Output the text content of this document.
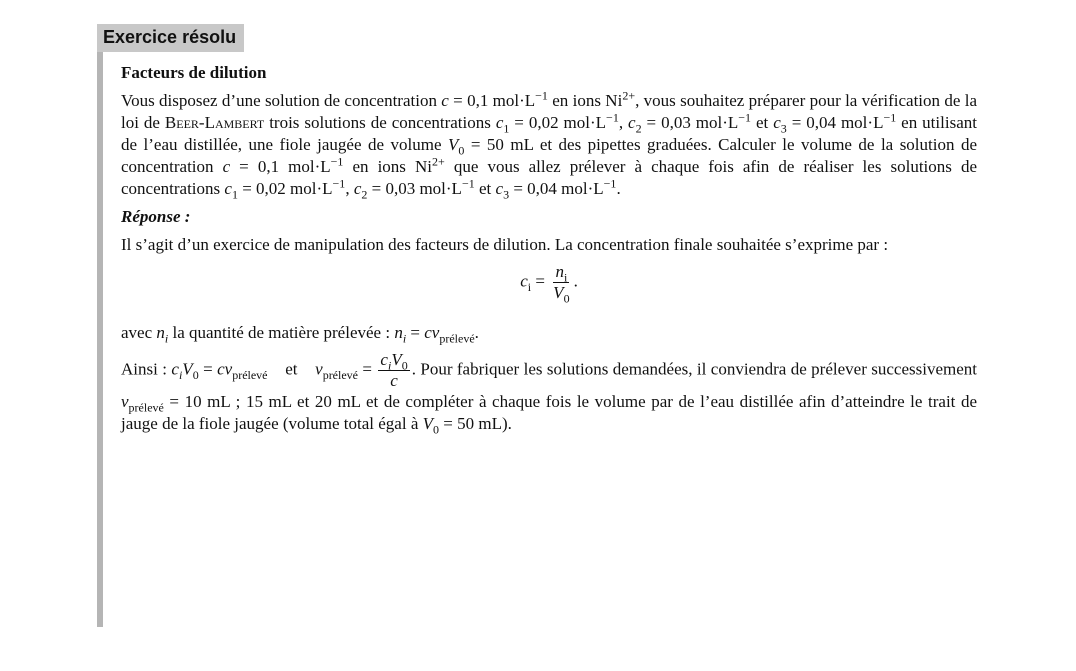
Exercice résolu
Facteurs de dilution
Vous disposez d’une solution de concentration c = 0,1 $mol\cdot L^{-1}$ en ions $Ni^{2+}$, vous souhaitez préparer pour la vérification de la loi de Beer-Lambert trois solutions de concentrations $c_1 = 0,02$ $mol\cdot L^{-1}$, $c_2 = 0,03$ $mol\cdot L^{-1}$ et $c_3 = 0,04$ $mol\cdot L^{-1}$ en utilisant de l’eau distillée, une fiole jaugée de volume $V_0 = 50$ mL et des pipettes graduées. Calculer le volume de la solution de concentration c = 0,1 $mol\cdot L^{-1}$ en ions $Ni^{2+}$ que vous allez prélever à chaque fois afin de réaliser les solutions de concentrations $c_1 = 0,02$ $mol\cdot L^{-1}$, $c_2 = 0,03$ $mol\cdot L^{-1}$ et $c_3 = 0,04$ $mol\cdot L^{-1}$.
Réponse :
Il s’agit d’un exercice de manipulation des facteurs de dilution. La concentration finale souhaitée s’exprime par :
$c_i = \frac{n_i}{V_0}$ .
avec $n_i$ la quantité de matière prélevée : $n_i = cv_{prélevé}$.
Ainsi : $c_iV_0 = cv_{prélevé}$ et $v_{prélevé} = \frac{c_iV_0}{c}$ . Pour fabriquer les solutions demandées, il conviendra de prélever successivement $v_{prélevé} = 10$ mL ; 15 mL et 20 mL et de compléter à chaque fois le volume par de l’eau distillée afin d’atteindre le trait de jauge de la fiole jaugée (volume total égal à $V_0 = 50$ mL).
